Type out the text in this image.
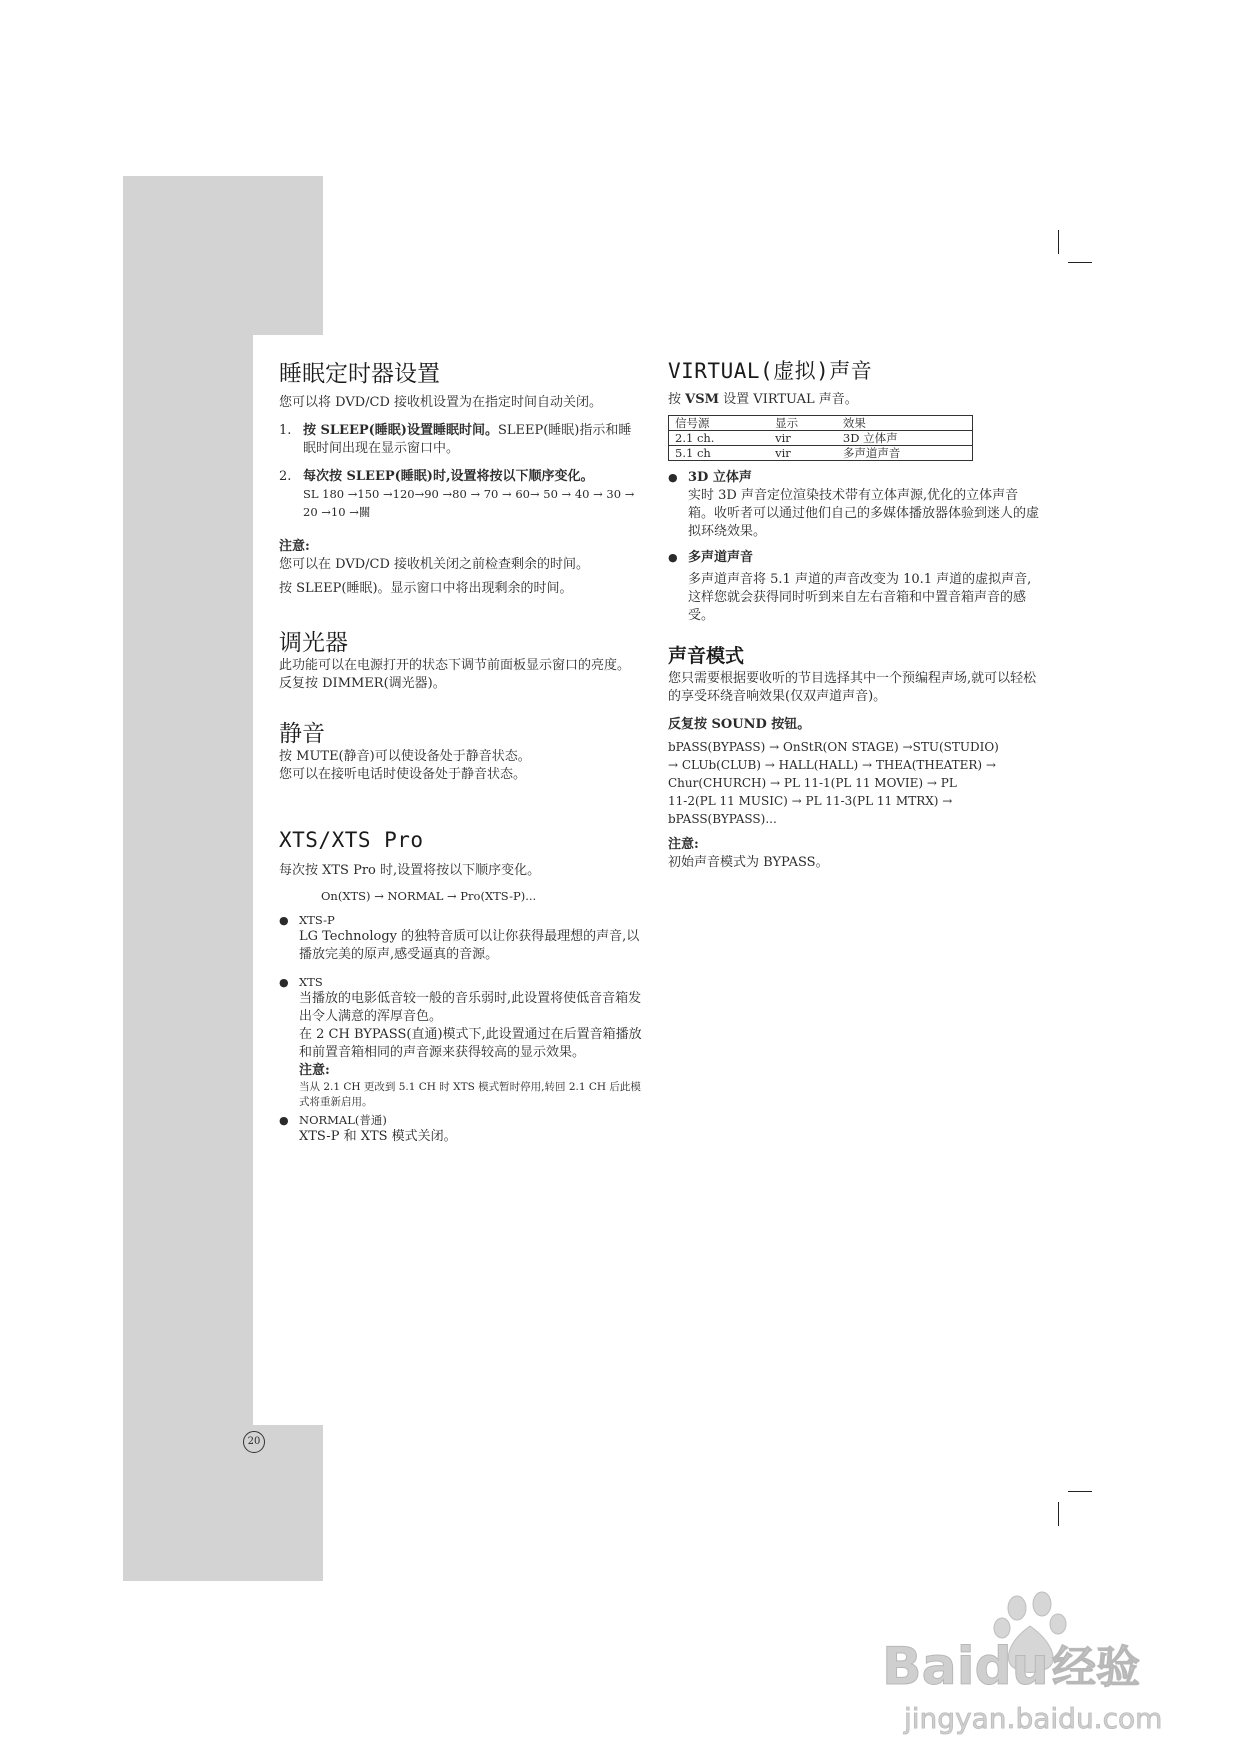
睡眠定时器设置

您可以将 DVD/CD 接收机设置为在指定时间自动关闭。

1. 按 SLEEP(睡眠)设置睡眠时间。SLEEP(睡眠)指示和睡眠时间出现在显示窗口中。
2. 每次按 SLEEP(睡眠)时,设置将按以下顺序变化。
SL 180 →150 →120→90 →80 → 70 → 60→ 50 → 40 → 30 → 20 →10 →關

注意:

您可以在 DVD/CD 接收机关闭之前检查剩余的时间。

按 SLEEP(睡眠)。显示窗口中将出现剩余的时间。

调光器

此功能可以在电源打开的状态下调节前面板显示窗口的亮度。

反复按 DIMMER(调光器)。

静音

按 MUTE(静音)可以使设备处于静音状态。

您可以在接听电话时使设备处于静音状态。

XTS/XTS Pro

每次按 XTS Pro 时,设置将按以下顺序变化。

On(XTS) → NORMAL → Pro(XTS-P)...

● XTS-P

LG Technology 的独特音质可以让你获得最理想的声音,以播放完美的原声,感受逼真的音源。

● XTS

当播放的电影低音较一般的音乐弱时,此设置将使低音音箱发出令人满意的浑厚音色。

在 2 CH BYPASS(直通)模式下,此设置通过在后置音箱播放和前置音箱相同的声音源来获得较高的显示效果。

注意:

当从 2.1 CH 更改到 5.1 CH 时 XTS 模式暂时停用,转回 2.1 CH 后此模式将重新启用。

● NORMAL(普通)

XTS-P 和 XTS 模式关闭。

VIRTUAL(虚拟)声音

按 VSM 设置 VIRTUAL 声音。

信号源	显示	效果
2.1 ch.	vir	3D 立体声
5.1 ch	vir	多声道声音
● 3D 立体声

实时 3D 声音定位渲染技术带有立体声源,优化的立体声音箱。收听者可以通过他们自己的多媒体播放器体验到迷人的虚拟环绕效果。

● 多声道声音

多声道声音将 5.1 声道的声音改变为 10.1 声道的虚拟声音,这样您就会获得同时听到来自左右音箱和中置音箱声音的感受。

声音模式

您只需要根据要收听的节目选择其中一个预编程声场,就可以轻松的享受环绕音响效果(仅双声道声音)。

反复按 SOUND 按钮。

bPASS(BYPASS) → OnStR(ON STAGE) →STU(STUDIO)
→ CLUb(CLUB) → HALL(HALL) → THEA(THEATER) →
Chur(CHURCH) → PL 11-1(PL 11 MOVIE) → PL
11-2(PL 11 MUSIC) → PL 11-3(PL 11 MTRX) →
bPASS(BYPASS)...

注意:

初始声音模式为 BYPASS。

20
Baidu 经验
jingyan.baidu.com
